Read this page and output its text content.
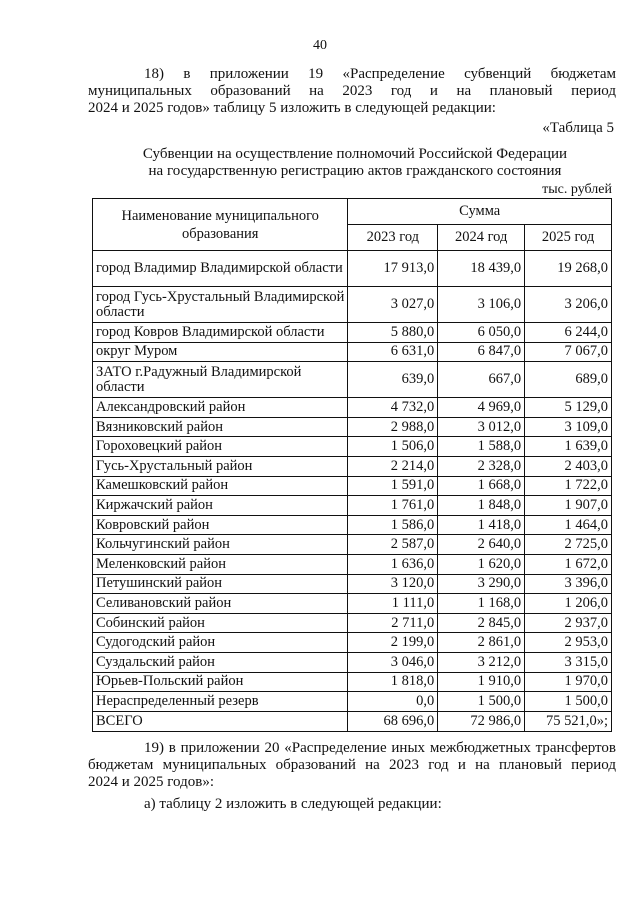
40
18) в приложении 19 «Распределение субвенций бюджетам
муниципальных образований на 2023 год и на плановый период
2024 и 2025 годов» таблицу 5 изложить в следующей редакции:
«Таблица 5
Субвенции на осуществление полномочий Российской Федерации
на государственную регистрацию актов гражданского состояния
тыс. рублей
Наименование муниципального образования	Сумма		
	2023 год	2024 год	2025 год
город Владимир Владимирской области	17 913,0	18 439,0	19 268,0
город Гусь-Хрустальный Владимирской области	3 027,0	3 106,0	3 206,0
город Ковров Владимирской области	5 880,0	6 050,0	6 244,0
округ Муром	6 631,0	6 847,0	7 067,0
ЗАТО г.Радужный Владимирской области	639,0	667,0	689,0
Александровский район	4 732,0	4 969,0	5 129,0
Вязниковский район	2 988,0	3 012,0	3 109,0
Гороховецкий район	1 506,0	1 588,0	1 639,0
Гусь-Хрустальный район	2 214,0	2 328,0	2 403,0
Камешковский район	1 591,0	1 668,0	1 722,0
Киржачский район	1 761,0	1 848,0	1 907,0
Ковровский район	1 586,0	1 418,0	1 464,0
Кольчугинский район	2 587,0	2 640,0	2 725,0
Меленковский район	1 636,0	1 620,0	1 672,0
Петушинский район	3 120,0	3 290,0	3 396,0
Селивановский район	1 111,0	1 168,0	1 206,0
Собинский район	2 711,0	2 845,0	2 937,0
Судогодский район	2 199,0	2 861,0	2 953,0
Суздальский район	3 046,0	3 212,0	3 315,0
Юрьев-Польский район	1 818,0	1 910,0	1 970,0
Нераспределенный резерв	0,0	1 500,0	1 500,0
ВСЕГО	68 696,0	72 986,0	75 521,0»;
19) в приложении 20 «Распределение иных межбюджетных трансфертов
бюджетам муниципальных образований на 2023 год и на плановый период
2024 и 2025 годов»:
а) таблицу 2 изложить в следующей редакции:
